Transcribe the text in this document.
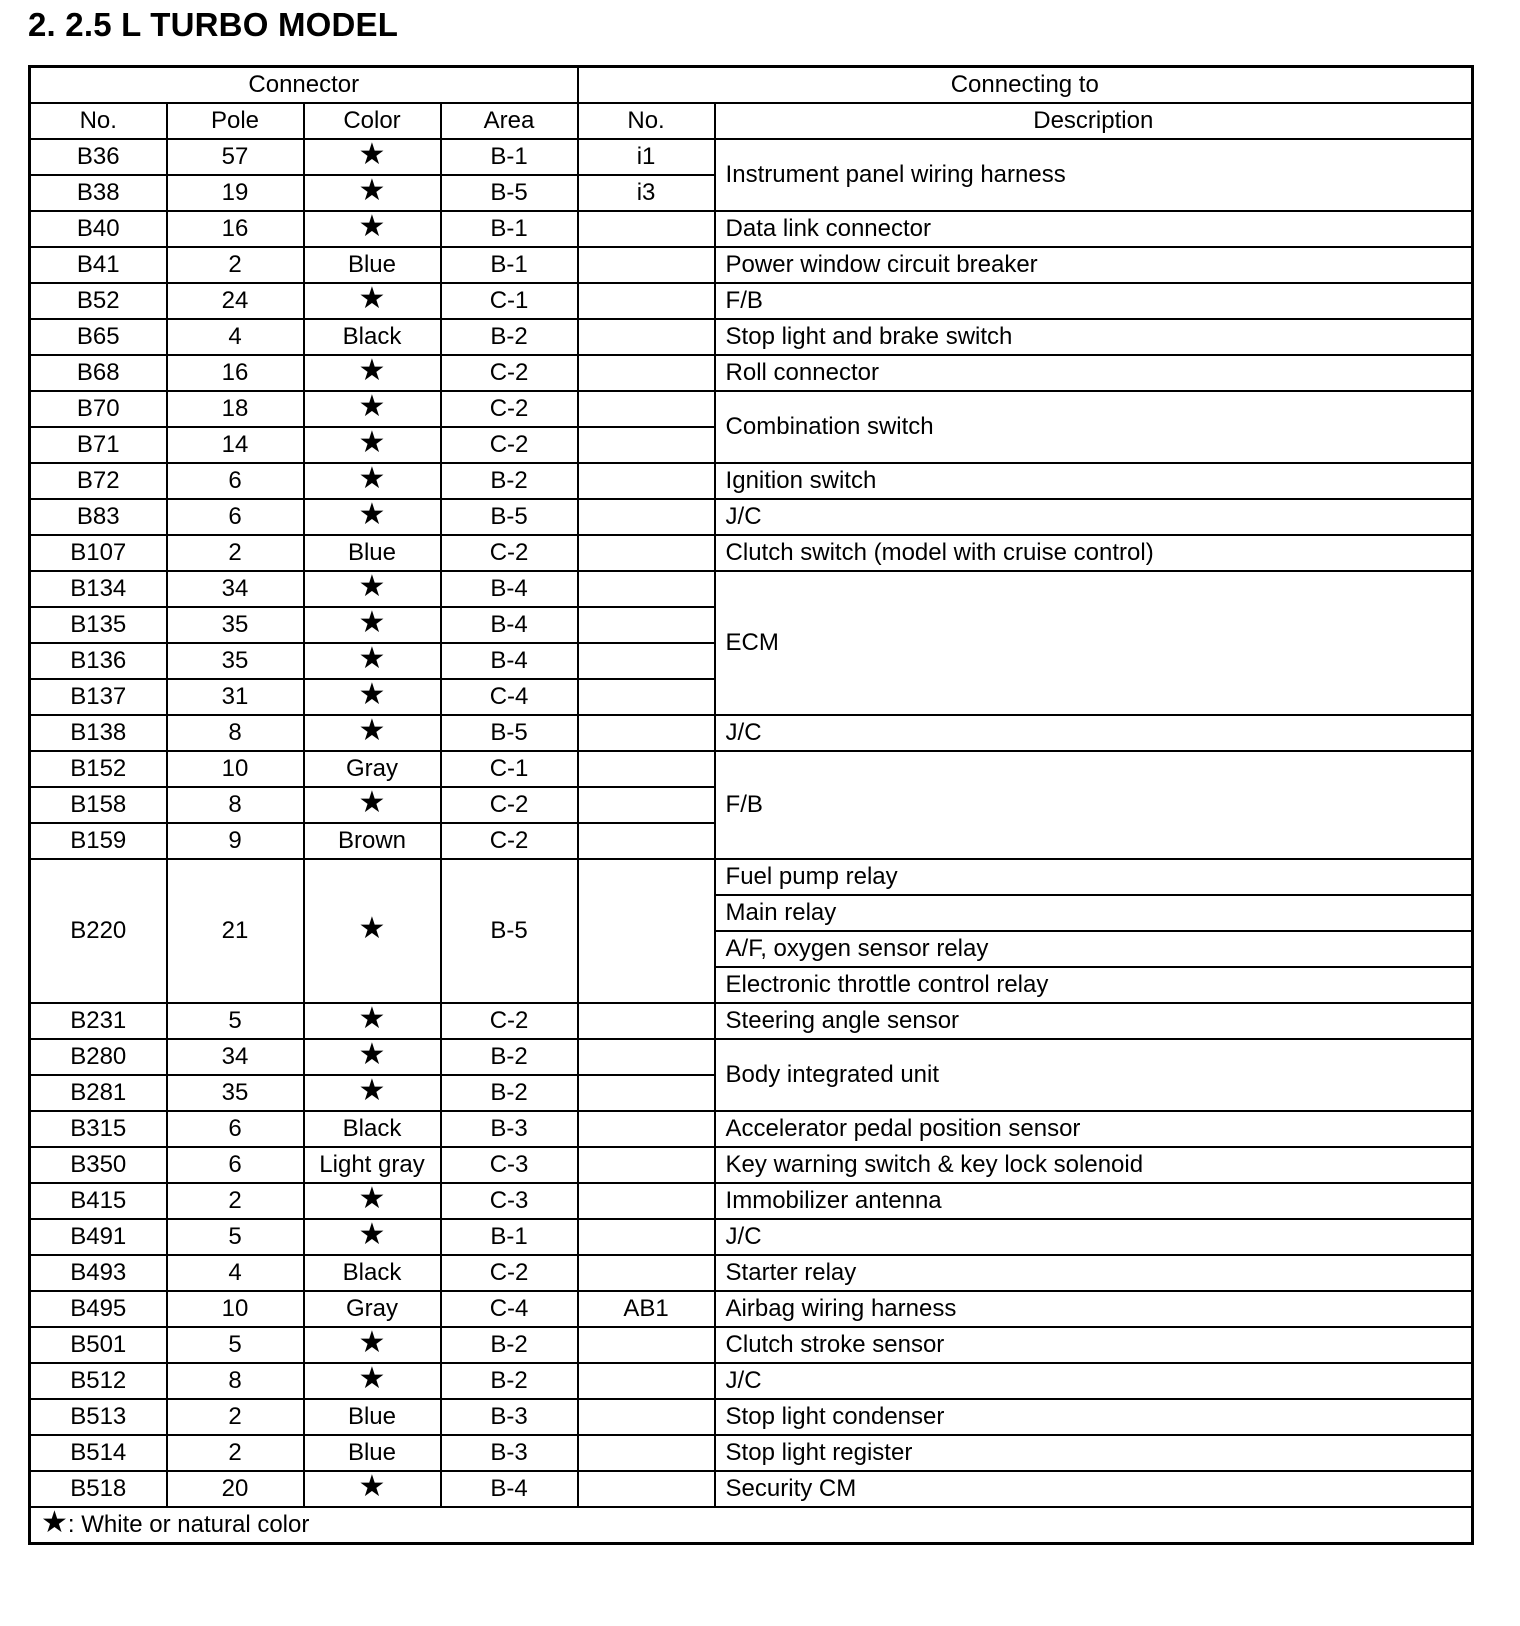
2. 2.5 L TURBO MODEL
Connector				Connecting to	
No.	Pole	Color	Area	No.	Description
B36	57	★	B-1	i1	Instrument panel wiring harness
B38	19	★	B-5	i3	
B40	16	★	B-1		Data link connector
B41	2	Blue	B-1		Power window circuit breaker
B52	24	★	C-1		F/B
B65	4	Black	B-2		Stop light and brake switch
B68	16	★	C-2		Roll connector
B70	18	★	C-2		Combination switch
B71	14	★	C-2		
B72	6	★	B-2		Ignition switch
B83	6	★	B-5		J/C
B107	2	Blue	C-2		Clutch switch (model with cruise control)
B134	34	★	B-4		ECM
B135	35	★	B-4		
B136	35	★	B-4		
B137	31	★	C-4		
B138	8	★	B-5		J/C
B152	10	Gray	C-1		F/B
B158	8	★	C-2		
B159	9	Brown	C-2		
B220	21	★	B-5		Fuel pump relay
					Main relay
					A/F, oxygen sensor relay
					Electronic throttle control relay
B231	5	★	C-2		Steering angle sensor
B280	34	★	B-2		Body integrated unit
B281	35	★	B-2		
B315	6	Black	B-3		Accelerator pedal position sensor
B350	6	Light gray	C-3		Key warning switch & key lock solenoid
B415	2	★	C-3		Immobilizer antenna
B491	5	★	B-1		J/C
B493	4	Black	C-2		Starter relay
B495	10	Gray	C-4	AB1	Airbag wiring harness
B501	5	★	B-2		Clutch stroke sensor
B512	8	★	B-2		J/C
B513	2	Blue	B-3		Stop light condenser
B514	2	Blue	B-3		Stop light register
B518	20	★	B-4		Security CM
★: White or natural color					
